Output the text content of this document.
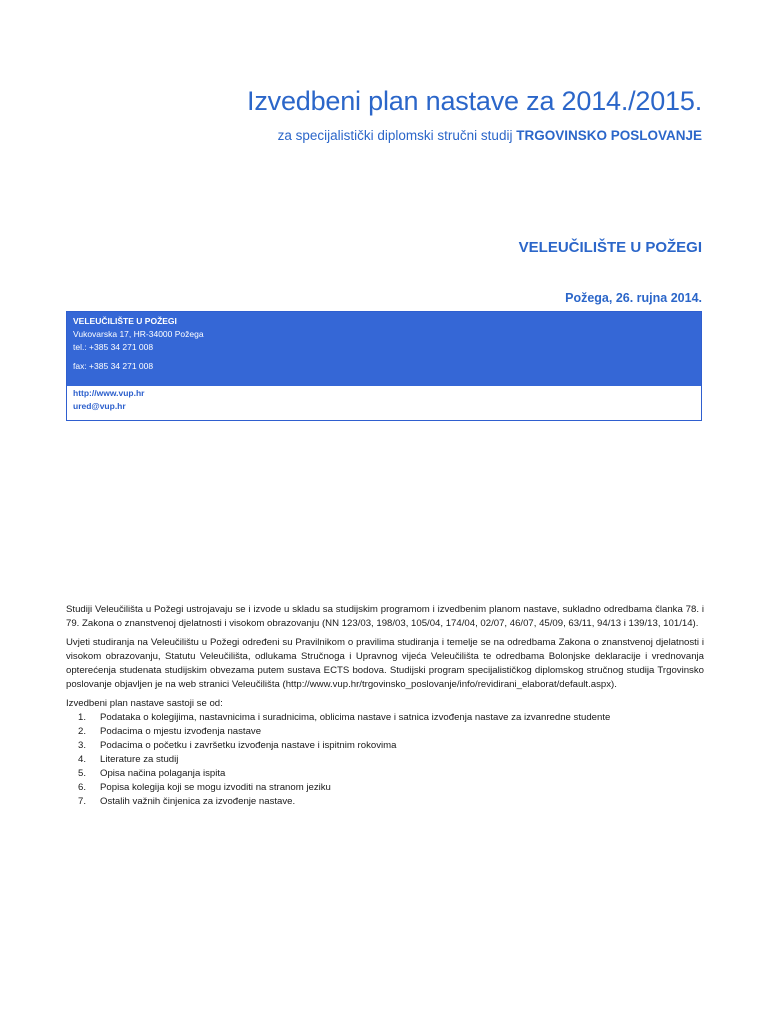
Izvedbeni plan nastave za 2014./2015.
za specijalistički diplomski stručni studij TRGOVINSKO POSLOVANJE
VELEUČILIŠTE U POŽEGI
Požega, 26. rujna 2014.
VELEUČILIŠTE U POŽEGI
Vukovarska 17, HR-34000 Požega
tel.: +385 34 271 008
fax: +385 34 271 008
http://www.vup.hr
ured@vup.hr

Studiji Veleučilišta u Požegi ustrojavaju se i izvode u skladu sa studijskim programom i izvedbenim planom nastave, sukladno odredbama članka 78. i 79. Zakona o znanstvenoj djelatnosti i visokom obrazovanju (NN 123/03, 198/03, 105/04, 174/04, 02/07, 46/07, 45/09, 63/11, 94/13 i 139/13, 101/14).

Uvjeti studiranja na Veleučilištu u Požegi određeni su Pravilnikom o pravilima studiranja i temelje se na odredbama Zakona o znanstvenoj djelatnosti i visokom obrazovanju, Statutu Veleučilišta, odlukama Stručnoga i Upravnog vijeća Veleučilišta te odredbama Bolonjske deklaracije i vrednovanja opterećenja studenata studijskim obvezama putem sustava ECTS bodova. Studijski program specijalističkog diplomskog stručnog studija Trgovinsko poslovanje objavljen je na web stranici Veleučilišta (http://www.vup.hr/trgovinsko_poslovanje/info/revidirani_elaborat/default.aspx).

Izvedbeni plan nastave sastoji se od:
1.	Podataka o kolegijima, nastavnicima i suradnicima, oblicima nastave i satnica izvođenja nastave za izvanredne studente
2.	Podacima o mjestu izvođenja nastave
3.	Podacima o početku i završetku izvođenja nastave i ispitnim rokovima
4.	Literature za studij
5.	Opisa načina polaganja ispita
6.	Popisa kolegija koji se mogu izvoditi na stranom jeziku
7.	Ostalih važnih činjenica za izvođenje nastave.
